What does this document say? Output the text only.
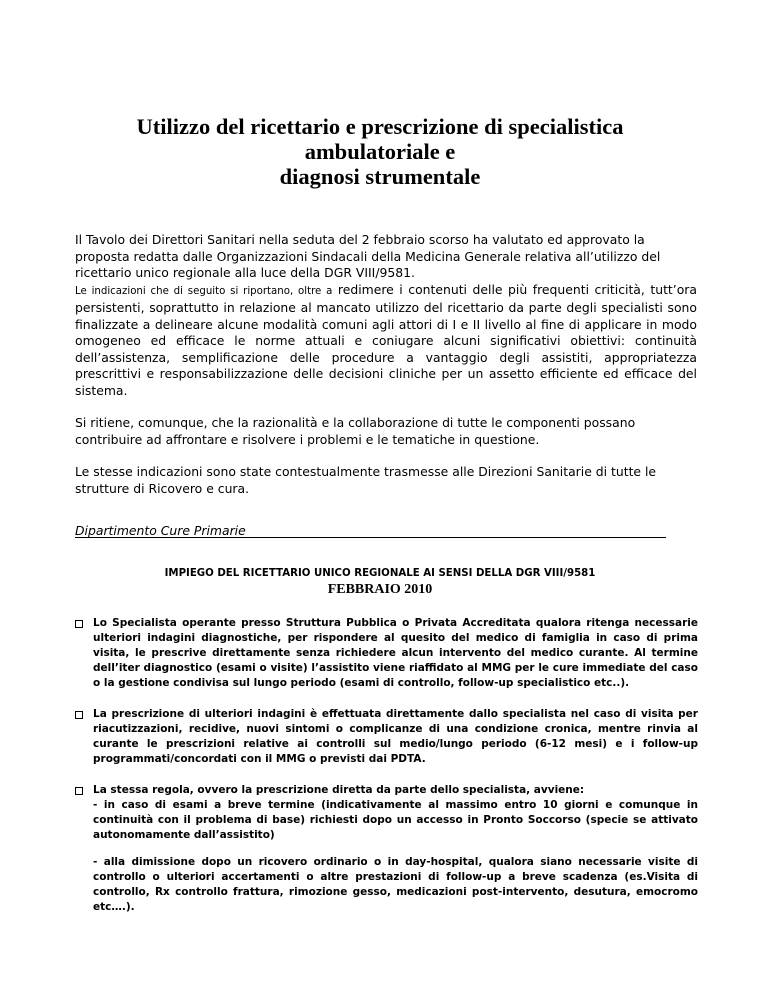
Utilizzo del ricettario e prescrizione di specialistica
ambulatoriale e
diagnosi strumentale

Il Tavolo dei Direttori Sanitari nella seduta del 2 febbraio scorso ha valutato ed approvato la proposta redatta dalle Organizzazioni Sindacali della Medicina Generale relativa all’utilizzo del ricettario unico regionale alla luce della DGR VIII/9581.

Le indicazioni che di seguito si riportano, oltre a redimere i contenuti delle più frequenti criticità, tutt’ora persistenti, soprattutto in relazione al mancato utilizzo del ricettario da parte degli specialisti sono finalizzate a delineare alcune modalità comuni agli attori di I e II livello al fine di applicare in modo omogeneo ed efficace le norme attuali e coniugare alcuni significativi obiettivi: continuità dell’assistenza, semplificazione delle procedure a vantaggio degli assistiti, appropriatezza prescrittivi e responsabilizzazione delle decisioni cliniche per un assetto efficiente ed efficace del sistema.

Si ritiene, comunque, che la razionalità e la collaborazione di tutte le componenti possano contribuire ad affrontare e risolvere i problemi e le tematiche in questione.

Le stesse indicazioni sono state contestualmente trasmesse alle Direzioni Sanitarie di tutte le strutture di Ricovero e cura.

Dipartimento Cure Primarie

IMPIEGO DEL RICETTARIO UNICO REGIONALE AI SENSI DELLA DGR VIII/9581
FEBBRAIO 2010

Lo Specialista operante presso Struttura Pubblica o Privata Accreditata qualora ritenga necessarie ulteriori indagini diagnostiche, per rispondere al quesito del medico di famiglia in caso di prima visita, le prescrive direttamente senza richiedere alcun intervento del medico curante. Al termine dell’iter diagnostico (esami o visite) l’assistito viene riaffidato al MMG per le cure immediate del caso o la gestione condivisa sul lungo periodo (esami di controllo, follow-up specialistico etc..).

La prescrizione di ulteriori indagini è effettuata direttamente dallo specialista nel caso di visita per riacutizzazioni, recidive, nuovi sintomi o complicanze di una condizione cronica, mentre rinvia al curante le prescrizioni relative ai controlli sul medio/lungo periodo (6-12 mesi) e i follow-up programmati/concordati con il MMG o previsti dai PDTA.

La stessa regola, ovvero la prescrizione diretta da parte dello specialista, avviene:

- in caso di esami a breve termine (indicativamente al massimo entro 10 giorni e comunque in continuità con il problema di base) richiesti dopo un accesso in Pronto Soccorso (specie se attivato autonomamente dall’assistito)

- alla dimissione dopo un ricovero ordinario o in day-hospital, qualora siano necessarie visite di controllo o ulteriori accertamenti o altre prestazioni di follow-up a breve scadenza (es.Visita di controllo, Rx controllo frattura, rimozione gesso, medicazioni post-intervento, desutura, emocromo etc….).
